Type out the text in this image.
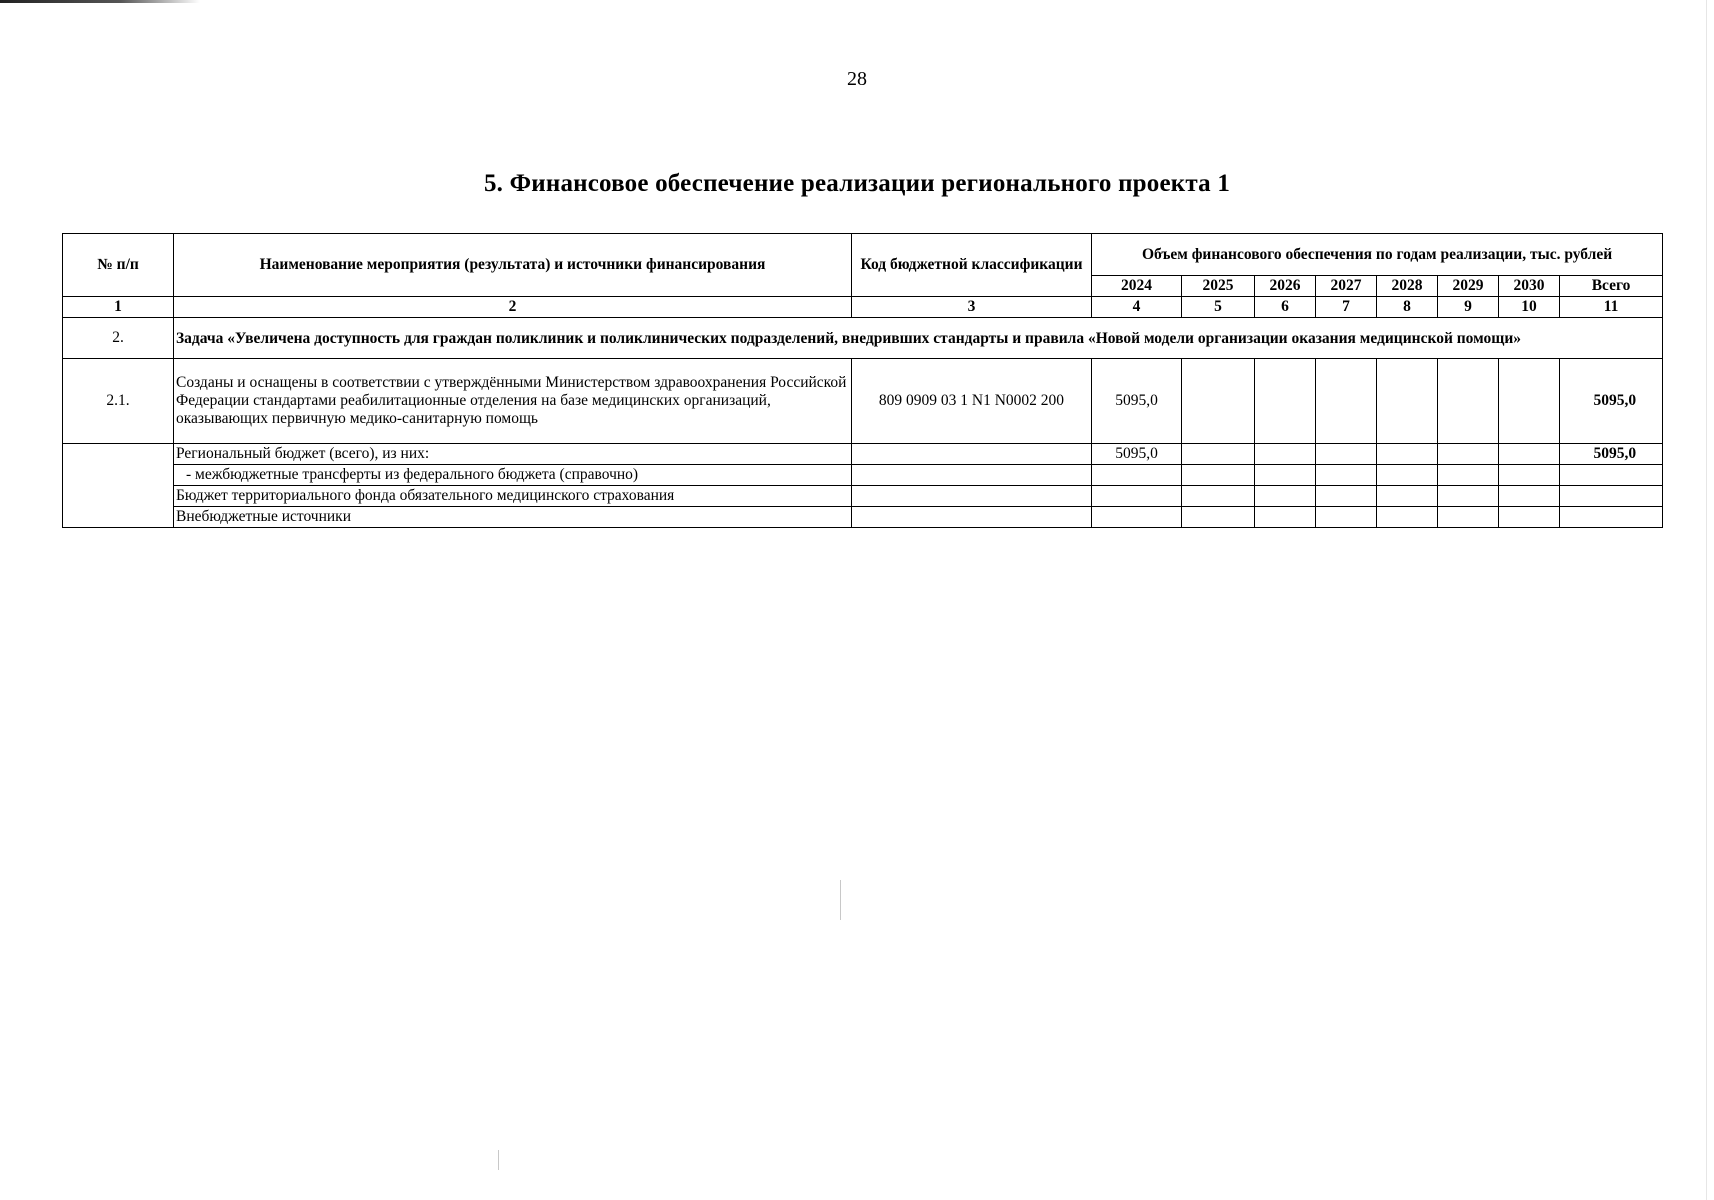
28
5. Финансовое обеспечение реализации регионального проекта 1
№ п/п	Наименование мероприятия (результата) и источники финансирования	Код бюджетной классификации	Объем финансового обеспечения по годам реализации, тыс. рублей							
			2024	2025	2026	2027	2028	2029	2030	Всего
1	2	3	4	5	6	7	8	9	10	11
2.	Задача «Увеличена доступность для граждан поликлиник и поликлинических подразделений, внедривших стандарты и правила «Новой модели организации оказания медицинской помощи»									
2.1.	Созданы и оснащены в соответствии с утверждёнными Министерством здравоохранения Российской Федерации стандартами реабилитационные отделения на базе медицинских организаций, оказывающих первичную медико-санитарную помощь	809 0909 03 1 N1 N0002 200	5095,0							5095,0
	Региональный бюджет (всего), из них:		5095,0							5095,0
	- межбюджетные трансферты из федерального бюджета (справочно)									
	Бюджет территориального фонда обязательного медицинского страхования									
	Внебюджетные источники									
